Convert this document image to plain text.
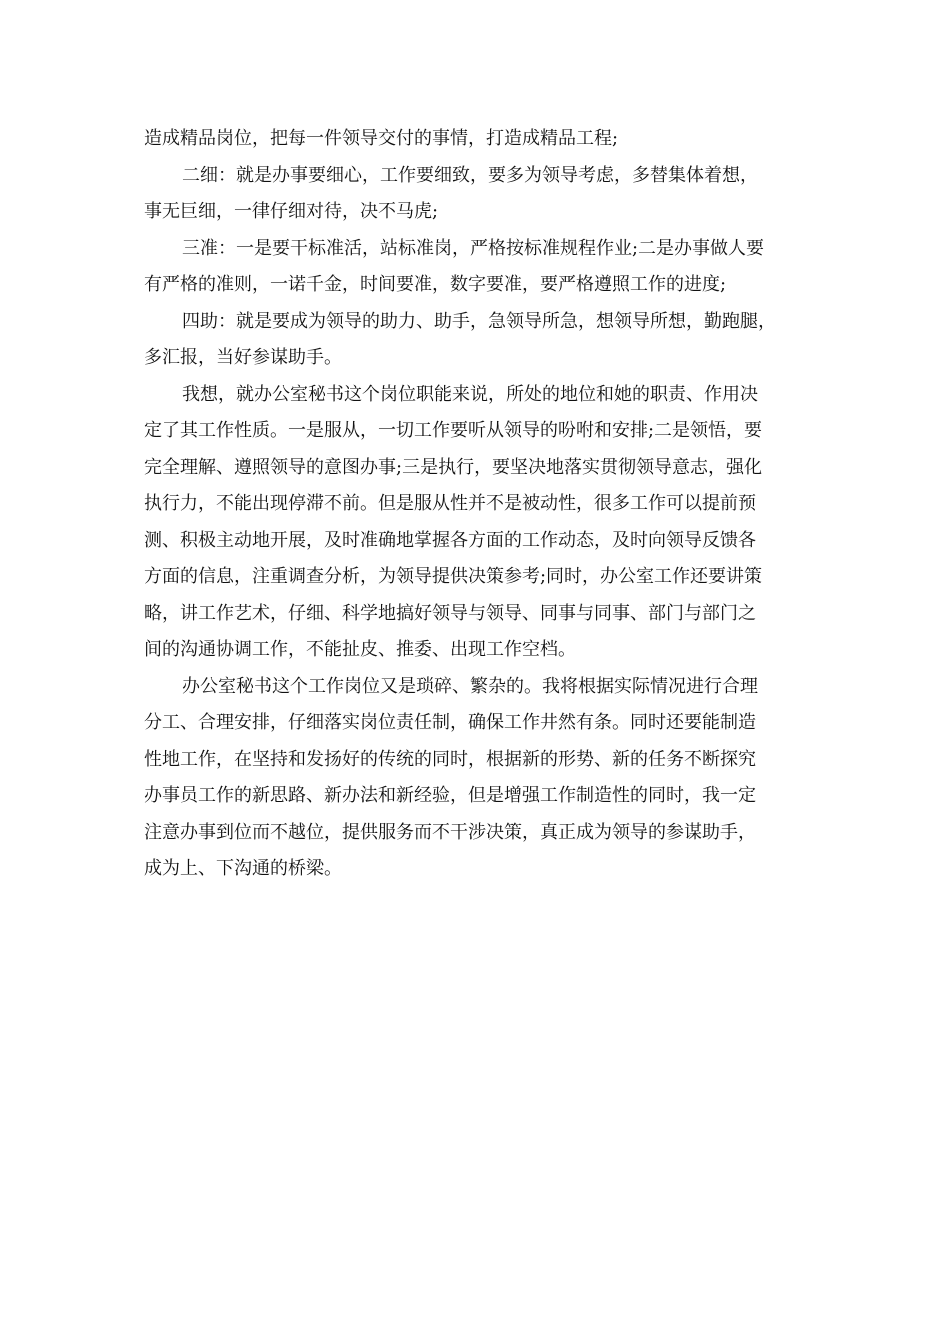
造成精品岗位，把每一件领导交付的事情，打造成精品工程;
二细：就是办事要细心，工作要细致，要多为领导考虑，多替集体着想，
事无巨细，一律仔细对待，决不马虎;
三准：一是要干标准活，站标准岗，严格按标准规程作业;二是办事做人要
有严格的准则，一诺千金，时间要准，数字要准，要严格遵照工作的进度;
四助：就是要成为领导的助力、助手，急领导所急，想领导所想，勤跑腿，
多汇报，当好参谋助手。
我想，就办公室秘书这个岗位职能来说，所处的地位和她的职责、作用决
定了其工作性质。一是服从，一切工作要听从领导的吩咐和安排;二是领悟，要
完全理解、遵照领导的意图办事;三是执行，要坚决地落实贯彻领导意志，强化
执行力，不能出现停滞不前。但是服从性并不是被动性，很多工作可以提前预
测、积极主动地开展，及时准确地掌握各方面的工作动态，及时向领导反馈各
方面的信息，注重调查分析，为领导提供决策参考;同时，办公室工作还要讲策
略，讲工作艺术，仔细、科学地搞好领导与领导、同事与同事、部门与部门之
间的沟通协调工作，不能扯皮、推委、出现工作空档。
办公室秘书这个工作岗位又是琐碎、繁杂的。我将根据实际情况进行合理
分工、合理安排，仔细落实岗位责任制，确保工作井然有条。同时还要能制造
性地工作，在坚持和发扬好的传统的同时，根据新的形势、新的任务不断探究
办事员工作的新思路、新办法和新经验，但是增强工作制造性的同时，我一定
注意办事到位而不越位，提供服务而不干涉决策，真正成为领导的参谋助手，
成为上、下沟通的桥梁。
